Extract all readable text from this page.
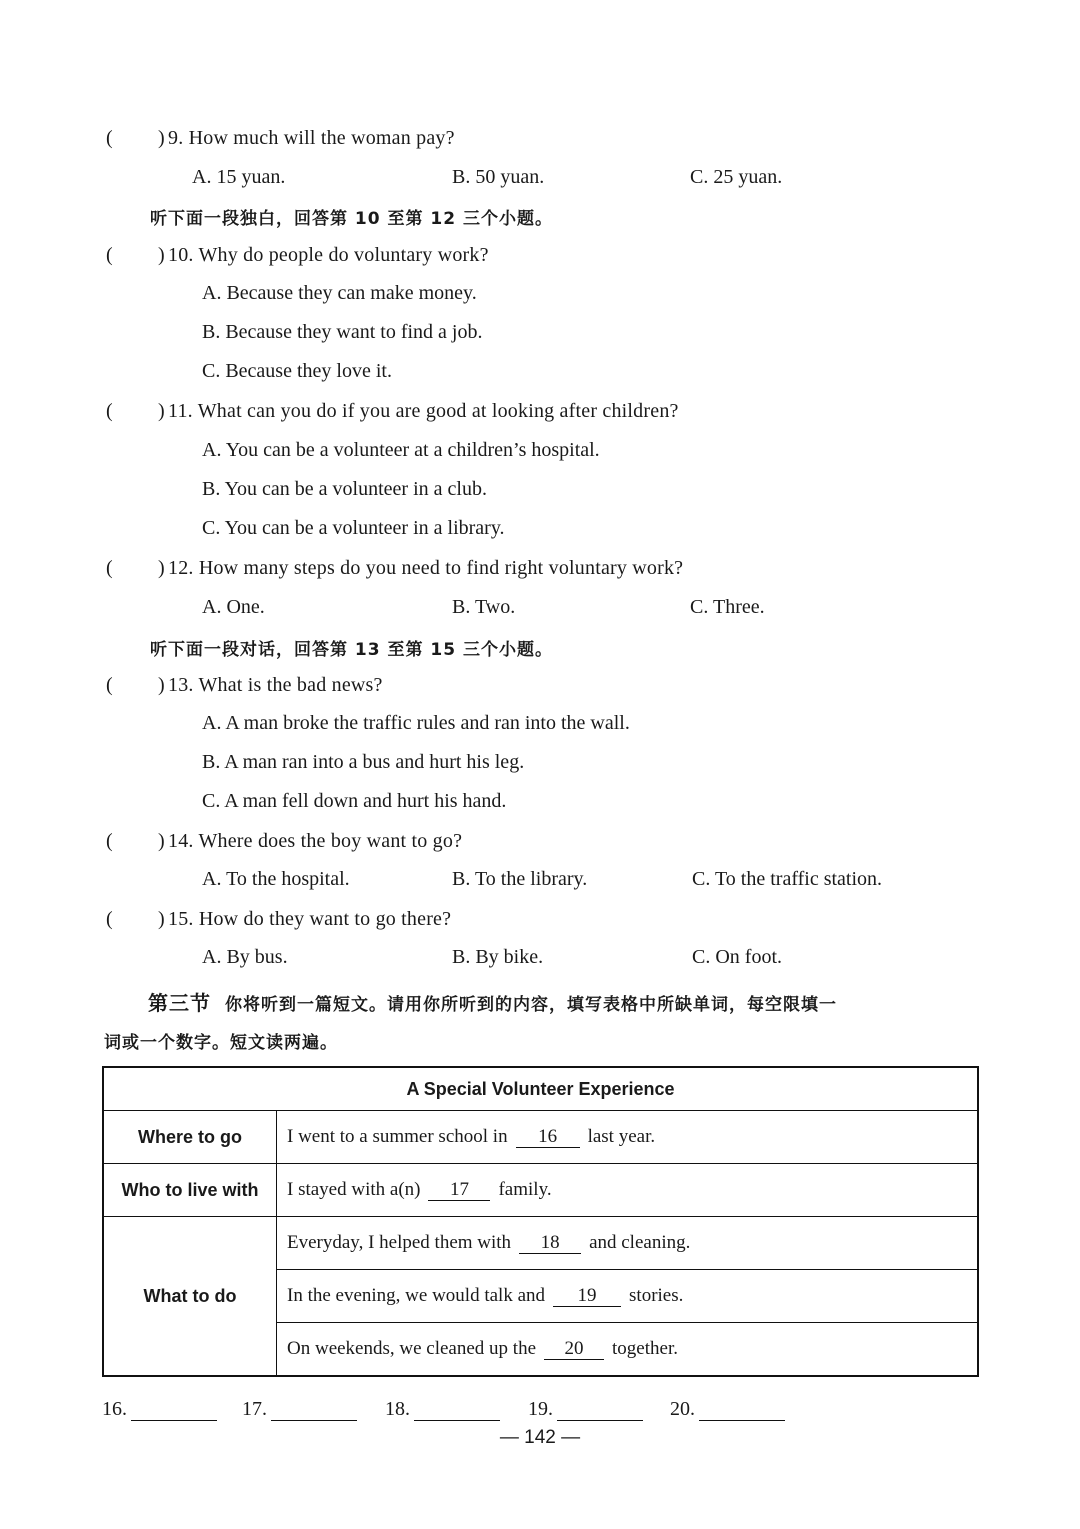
( ) 9. How much will the woman pay?
A. 15 yuan.	B. 50 yuan.	C. 25 yuan.
听下面一段独白，回答第 10 至第 12 三个小题。
( ) 10. Why do people do voluntary work?
A. Because they can make money.
B. Because they want to find a job.
C. Because they love it.
( ) 11. What can you do if you are good at looking after children?
A. You can be a volunteer at a children’s hospital.
B. You can be a volunteer in a club.
C. You can be a volunteer in a library.
( ) 12. How many steps do you need to find right voluntary work?
A. One.	B. Two.	C. Three.
听下面一段对话，回答第 13 至第 15 三个小题。
( ) 13. What is the bad news?
A. A man broke the traffic rules and ran into the wall.
B. A man ran into a bus and hurt his leg.
C. A man fell down and hurt his hand.
( ) 14. Where does the boy want to go?
A. To the hospital.	B. To the library.	C. To the traffic station.
( ) 15. How do they want to go there?
A. By bus.	B. By bike.	C. On foot.
第三节 你将听到一篇短文。请用你所听到的内容，填写表格中所缺单词，每空限填一
词或一个数字。短文读两遍。
A Special Volunteer Experience	
Where to go	I went to a summer school in 16 last year.
Who to live with	I stayed with a(n) 17 family.
What to do	Everyday, I helped them with 18 and cleaning.
	In the evening, we would talk and 19 stories.
	On weekends, we cleaned up the 20 together.
16.	17.	18.	19.	20.
— 142 —
